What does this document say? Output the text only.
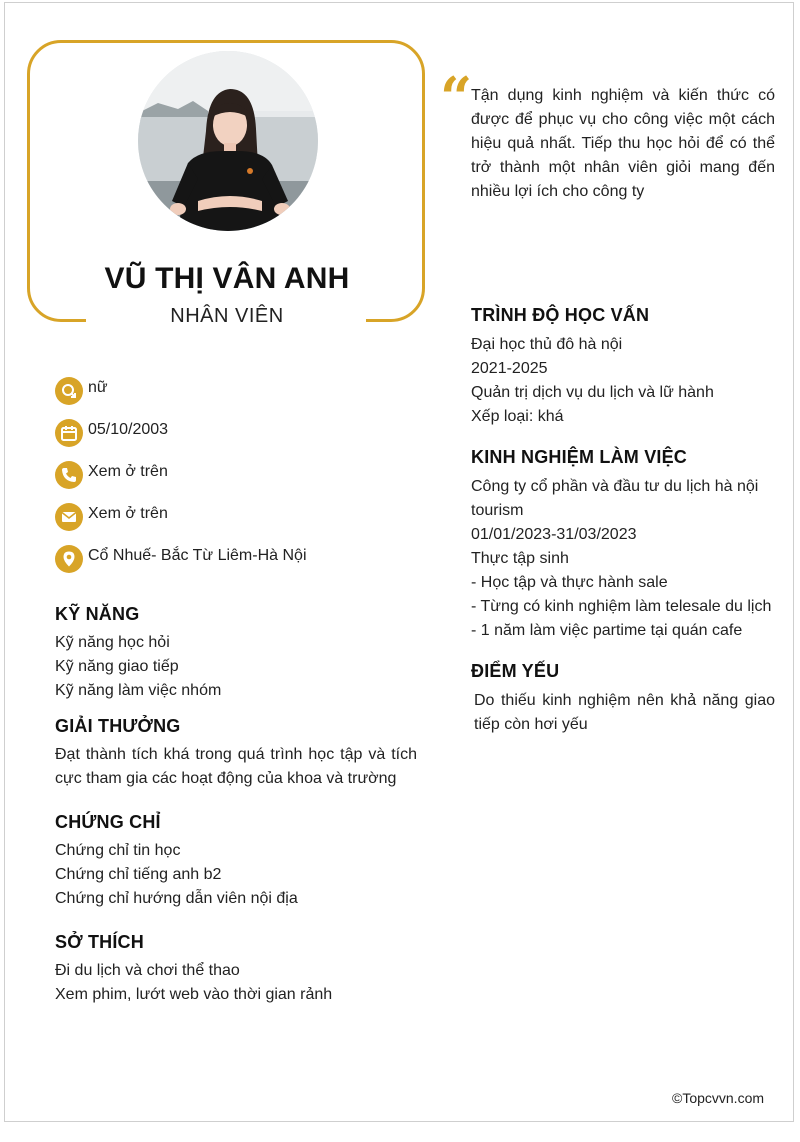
VŨ THỊ VÂN ANH
NHÂN VIÊN
“
Tận dụng kinh nghiệm và kiến thức có được để phục vụ cho công việc một cách hiệu quả nhất. Tiếp thu học hỏi để có thể trở thành một nhân viên giỏi mang đến nhiều lợi ích cho công ty
nữ
05/10/2003
Xem ở trên
Xem ở trên
Cổ Nhuế- Bắc Từ Liêm-Hà Nội
KỸ NĂNG
Kỹ năng học hỏi
Kỹ năng giao tiếp
Kỹ năng làm việc nhóm
GIẢI THƯỞNG
Đạt thành tích khá trong quá trình học tập và tích cực tham gia các hoạt động của khoa và trường
CHỨNG CHỈ
Chứng chỉ tin học
Chứng chỉ tiếng anh b2
Chứng chỉ hướng dẫn viên nội địa
SỞ THÍCH
Đi du lịch và chơi thể thao
Xem phim, lướt web vào thời gian rảnh
TRÌNH ĐỘ HỌC VẤN
Đại học thủ đô hà nội
2021-2025
Quản trị dịch vụ du lịch và lữ hành
Xếp loại: khá
KINH NGHIỆM LÀM VIỆC
Công ty cổ phần và đầu tư du lịch hà nội
tourism
01/01/2023-31/03/2023
Thực tập sinh
- Học tập và thực hành sale
- Từng có kinh nghiệm làm telesale du lịch
- 1 năm làm việc partime tại quán cafe
ĐIỂM YẾU
Do thiếu kinh nghiệm nên khả năng giao tiếp còn hơi yếu
©Topcvvn.com
